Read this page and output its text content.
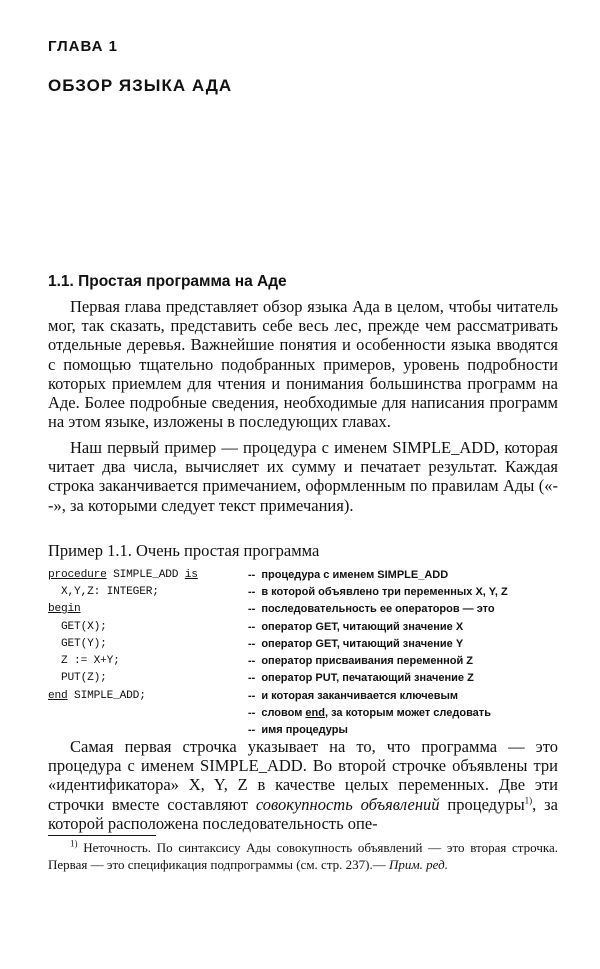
ГЛАВА 1
ОБЗОР ЯЗЫКА АДА
1.1. Простая программа на Аде

Первая глава представляет обзор языка Ада в целом, чтобы читатель мог, так сказать, представить себе весь лес, прежде чем рассматривать отдельные деревья. Важнейшие понятия и особенности языка вводятся с помощью тщательно подобранных примеров, уровень подробности которых приемлем для чтения и понимания большинства программ на Аде. Более подробные сведения, необходимые для написания программ на этом языке, изложены в последующих главах.

Наш первый пример — процедура с именем SIMPLE_ADD, которая читает два числа, вычисляет их сумму и печатает результат. Каждая строка заканчивается примечанием, оформленным по правилам Ады («--», за которыми следует текст примечания).

Пример 1.1. Очень простая программа
procedure SIMPLE_ADD is	-- процедура с именем SIMPLE_ADD
X,Y,Z: INTEGER;	-- в которой объявлено три переменных X, Y, Z
begin	-- последовательность ее операторов — это
GET(X);	-- оператор GET, читающий значение X
GET(Y);	-- оператор GET, читающий значение Y
Z := X+Y;	-- оператор присваивания переменной Z
PUT(Z);	-- оператор PUT, печатающий значение Z
end SIMPLE_ADD;	-- и которая заканчивается ключевым
-- словом end, за которым может следовать
-- имя процедуры

Самая первая строчка указывает на то, что программа — это процедура с именем SIMPLE_ADD. Во второй строчке объявлены три «идентификатора» X, Y, Z в качестве целых переменных. Две эти строчки вместе составляют совокупность объявлений процедуры$^{1)}$, за которой расположена последовательность опе-

$^{1)}$ Неточность. По синтаксису Ады совокупность объявлений — это вторая строчка. Первая — это спецификация подпрограммы (см. стр. 237).— Прим. ред.
